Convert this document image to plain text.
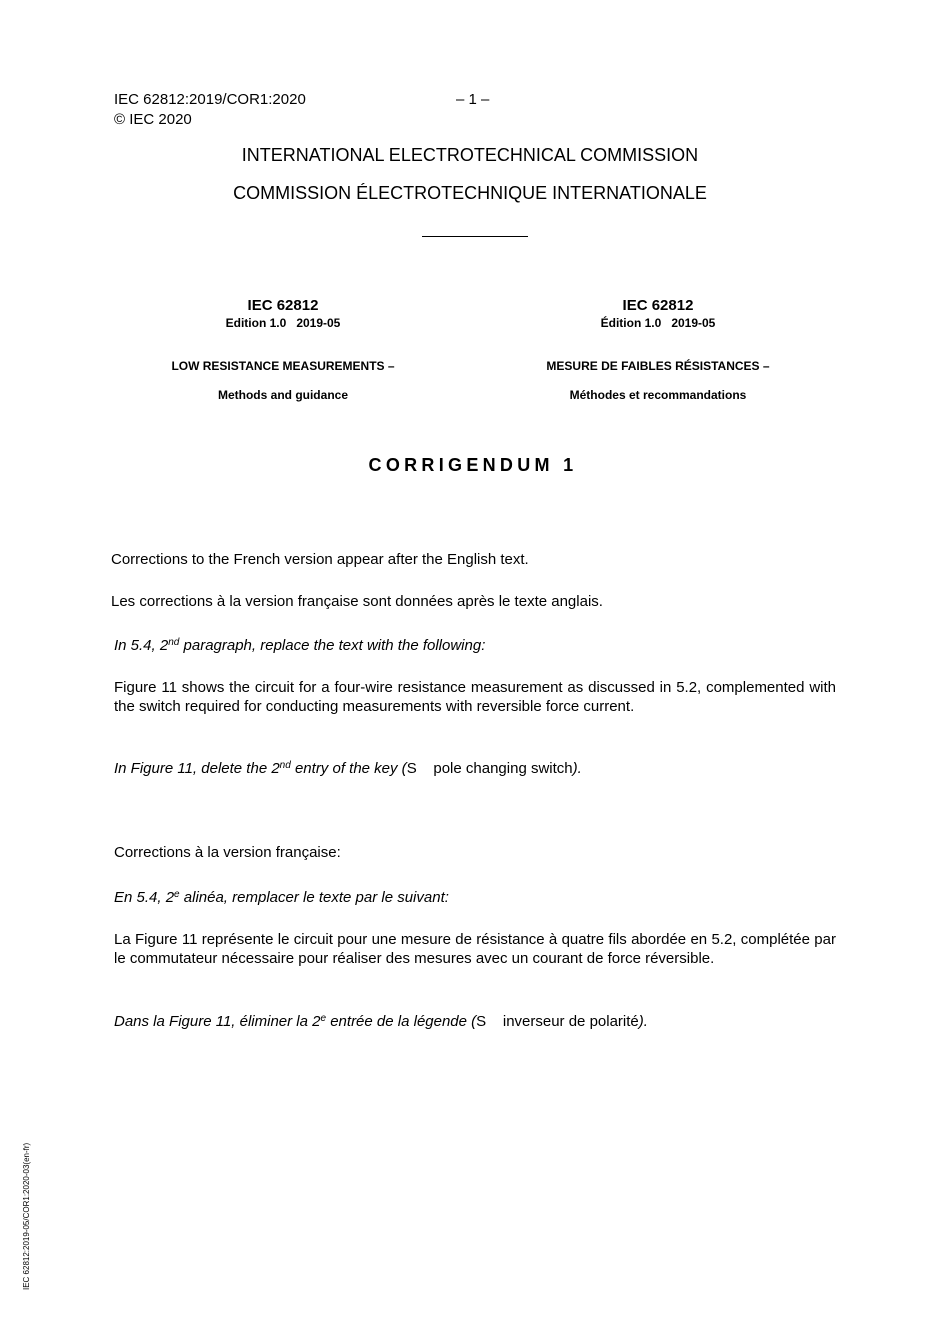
IEC 62812:2019/COR1:2020	– 1 –
© IEC 2020
INTERNATIONAL ELECTROTECHNICAL COMMISSION
COMMISSION ÉLECTROTECHNIQUE INTERNATIONALE
IEC 62812
Edition 1.0   2019-05
LOW RESISTANCE MEASUREMENTS –
Methods and guidance
IEC 62812
Édition 1.0   2019-05
MESURE DE FAIBLES RÉSISTANCES –
Méthodes et recommandations
CORRIGENDUM 1
Corrections to the French version appear after the English text.
Les corrections à la version française sont données après le texte anglais.
In 5.4, 2nd paragraph, replace the text with the following:
Figure 11 shows the circuit for a four-wire resistance measurement as discussed in 5.2, complemented with the switch required for conducting measurements with reversible force current.
In Figure 11, delete the 2nd entry of the key (S pole changing switch).
Corrections à la version française:
En 5.4, 2e alinéa, remplacer le texte par le suivant:
La Figure 11 représente le circuit pour une mesure de résistance à quatre fils abordée en 5.2, complétée par le commutateur nécessaire pour réaliser des mesures avec un courant de force réversible.
Dans la Figure 11, éliminer la 2e entrée de la légende (S inverseur de polarité).
IEC 62812:2019-05/COR1:2020-03(en-fr)
